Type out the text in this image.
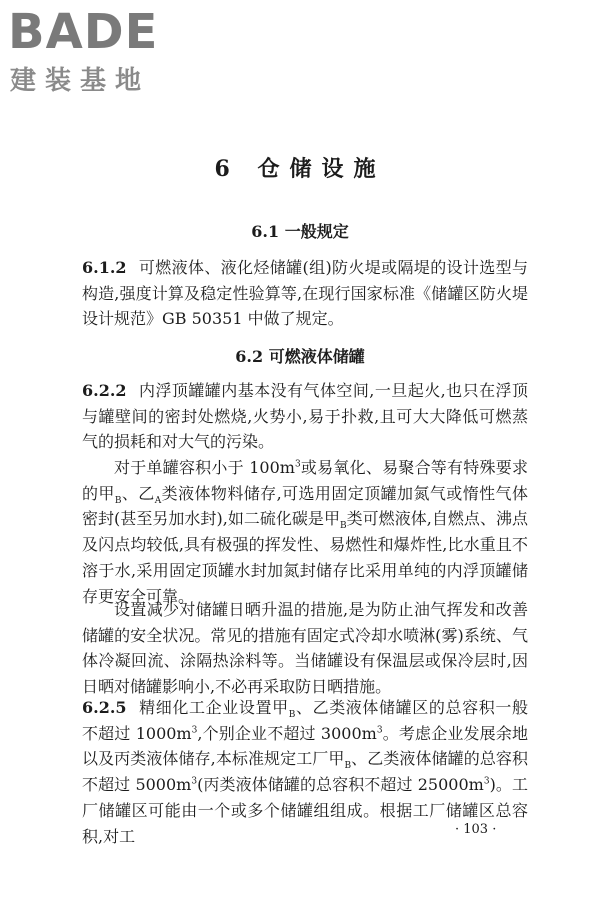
BADE
建装基地
6 仓储设施
6.1 一般规定

6.1.2 可燃液体、液化烃储罐(组)防火堤或隔堤的设计选型与构造,强度计算及稳定性验算等,在现行国家标准《储罐区防火堤设计规范》GB 50351 中做了规定。

6.2 可燃液体储罐

6.2.2 内浮顶罐罐内基本没有气体空间,一旦起火,也只在浮顶与罐壁间的密封处燃烧,火势小,易于扑救,且可大大降低可燃蒸气的损耗和对大气的污染。

对于单罐容积小于 $100m^3$或易氧化、易聚合等有特殊要求的甲$_B$、乙$_A$类液体物料储存,可选用固定顶罐加氮气或惰性气体密封(甚至另加水封),如二硫化碳是甲$_B$类可燃液体,自燃点、沸点及闪点均较低,具有极强的挥发性、易燃性和爆炸性,比水重且不溶于水,采用固定顶罐水封加氮封储存比采用单纯的内浮顶罐储存更安全可靠。

设置减少对储罐日晒升温的措施,是为防止油气挥发和改善储罐的安全状况。常见的措施有固定式冷却水喷淋(雾)系统、气体冷凝回流、涂隔热涂料等。当储罐设有保温层或保冷层时,因日晒对储罐影响小,不必再采取防日晒措施。

6.2.5 精细化工企业设置甲$_B$、乙类液体储罐区的总容积一般不超过 $1000m^3$,个别企业不超过 $3000m^3$。考虑企业发展余地以及丙类液体储存,本标准规定工厂甲$_B$、乙类液体储罐的总容积不超过 $5000m^3$(丙类液体储罐的总容积不超过 $25000m^3$)。工厂储罐区可能由一个或多个储罐组组成。根据工厂储罐区总容积,对工	· 103 ·
